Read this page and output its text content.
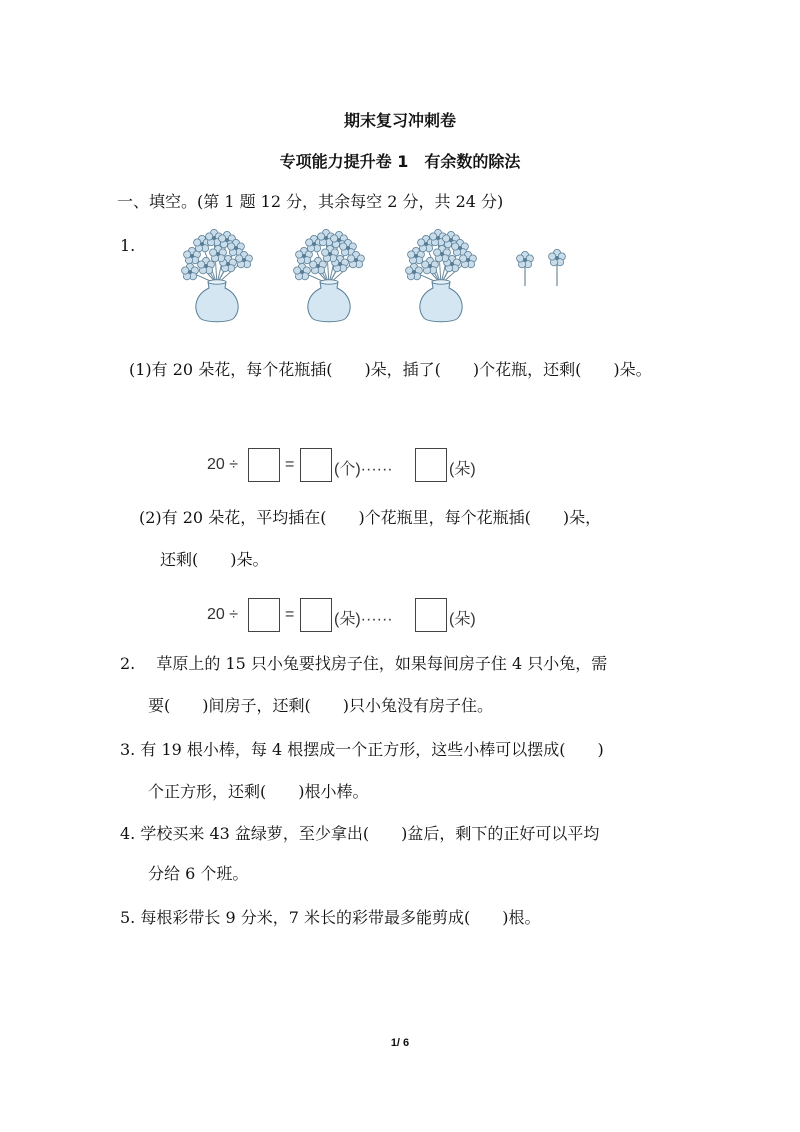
期末复习冲刺卷
专项能力提升卷 1　有余数的除法
一、填空。(第 1 题 12 分，其余每空 2 分，共 24 分)
1.
(1)有 20 朵花，每个花瓶插(　　)朵，插了(　　)个花瓶，还剩(　　)朵。
20 ÷	= (个)······	(朵)
(2)有 20 朵花，平均插在(　　)个花瓶里，每个花瓶插(　　)朵，
还剩(　　)朵。
20 ÷	= (朵)······	(朵)
2.　 草原上的 15 只小兔要找房子住，如果每间房子住 4 只小兔，需
要(　　)间房子，还剩(　　)只小兔没有房子住。
3. 有 19 根小棒，每 4 根摆成一个正方形，这些小棒可以摆成(　　)
个正方形，还剩(　　)根小棒。
4. 学校买来 43 盆绿萝，至少拿出(　　)盆后，剩下的正好可以平均
分给 6 个班。
5. 每根彩带长 9 分米，7 米长的彩带最多能剪成(　　)根。
1/ 6
